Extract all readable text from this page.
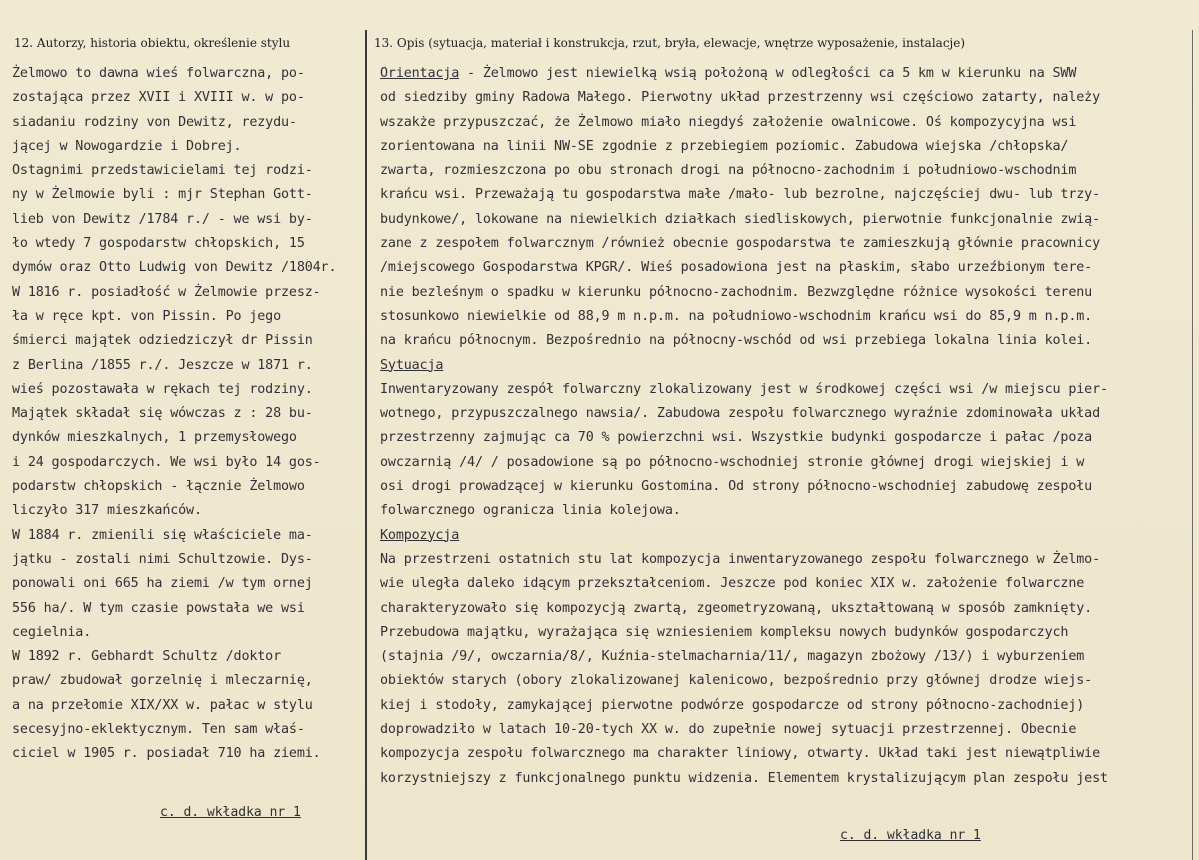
12. Autorzy, historia obiektu, określenie stylu	13. Opis (sytuacja, materiał i konstrukcja, rzut, bryła, elewacje, wnętrze wyposażenie, instalacje)
Żelmowo to dawna wieś folwarczna, po-
zostająca przez XVII i XVIII w. w po-
siadaniu rodziny von Dewitz, rezydu-
jącej w Nowogardzie i Dobrej.
Ostagnimi przedstawicielami tej rodzi-
ny w Żelmowie byli : mjr Stephan Gott-
lieb von Dewitz /1784 r./ - we wsi by-
ło wtedy 7 gospodarstw chłopskich, 15
dymów oraz Otto Ludwig von Dewitz /1804r.
W 1816 r. posiadłość w Żelmowie przesz-
ła w ręce kpt. von Pissin. Po jego
śmierci majątek odziedziczył dr Pissin
z Berlina /1855 r./. Jeszcze w 1871 r.
wieś pozostawała w rękach tej rodziny.
Majątek składał się wówczas z : 28 bu-
dynków mieszkalnych, 1 przemysłowego
i 24 gospodarczych. We wsi było 14 gos-
podarstw chłopskich - łącznie Żelmowo
liczyło 317 mieszkańców.
W 1884 r. zmienili się właściciele ma-
jątku - zostali nimi Schultzowie. Dys-
ponowali oni 665 ha ziemi /w tym ornej
556 ha/. W tym czasie powstała we wsi
cegielnia.
W 1892 r. Gebhardt Schultz /doktor
praw/ zbudował gorzelnię i mleczarnię,
a na przełomie XIX/XX w. pałac w stylu
secesyjno-eklektycznym. Ten sam właś-
ciciel w 1905 r. posiadał 710 ha ziemi.
Orientacja - Żelmowo jest niewielką wsią położoną w odległości ca 5 km w kierunku na SWW
od siedziby gminy Radowa Małego. Pierwotny układ przestrzenny wsi częściowo zatarty, należy
wszakże przypuszczać, że Żelmowo miało niegdyś założenie owalnicowe. Oś kompozycyjna wsi
zorientowana na linii NW-SE zgodnie z przebiegiem poziomic. Zabudowa wiejska /chłopska/
zwarta, rozmieszczona po obu stronach drogi na północno-zachodnim i południowo-wschodnim
krańcu wsi. Przeważają tu gospodarstwa małe /mało- lub bezrolne, najczęściej dwu- lub trzy-
budynkowe/, lokowane na niewielkich działkach siedliskowych, pierwotnie funkcjonalnie zwią-
zane z zespołem folwarcznym /również obecnie gospodarstwa te zamieszkują głównie pracownicy
/miejscowego Gospodarstwa KPGR/. Wieś posadowiona jest na płaskim, słabo urzeźbionym tere-
nie bezleśnym o spadku w kierunku północno-zachodnim. Bezwzględne różnice wysokości terenu
stosunkowo niewielkie od 88,9 m n.p.m. na południowo-wschodnim krańcu wsi do 85,9 m n.p.m.
na krańcu północnym. Bezpośrednio na północny-wschód od wsi przebiega lokalna linia kolei.
Sytuacja
Inwentaryzowany zespół folwarczny zlokalizowany jest w środkowej części wsi /w miejscu pier-
wotnego, przypuszczalnego nawsia/. Zabudowa zespołu folwarcznego wyraźnie zdominowała układ
przestrzenny zajmując ca 70 % powierzchni wsi. Wszystkie budynki gospodarcze i pałac /poza
owczarnią /4/ / posadowione są po północno-wschodniej stronie głównej drogi wiejskiej i w
osi drogi prowadzącej w kierunku Gostomina. Od strony północno-wschodniej zabudowę zespołu
folwarcznego ogranicza linia kolejowa.
Kompozycja
Na przestrzeni ostatnich stu lat kompozycja inwentaryzowanego zespołu folwarcznego w Żelmo-
wie uległa daleko idącym przekształceniom. Jeszcze pod koniec XIX w. założenie folwarczne
charakteryzowało się kompozycją zwartą, zgeometryzowaną, ukształtowaną w sposób zamknięty.
Przebudowa majątku, wyrażająca się wzniesieniem kompleksu nowych budynków gospodarczych
(stajnia /9/, owczarnia/8/, Kuźnia-stelmacharnia/11/, magazyn zbożowy /13/) i wyburzeniem
obiektów starych (obory zlokalizowanej kalenicowo, bezpośrednio przy głównej drodze wiejs-
kiej i stodoły, zamykającej pierwotne podwórze gospodarcze od strony północno-zachodniej)
doprowadziło w latach 10-20-tych XX w. do zupełnie nowej sytuacji przestrzennej. Obecnie
kompozycja zespołu folwarcznego ma charakter liniowy, otwarty. Układ taki jest niewątpliwie
korzystniejszy z funkcjonalnego punktu widzenia. Elementem krystalizującym plan zespołu jest
c. d. wkładka nr 1
c. d. wkładka nr 1
